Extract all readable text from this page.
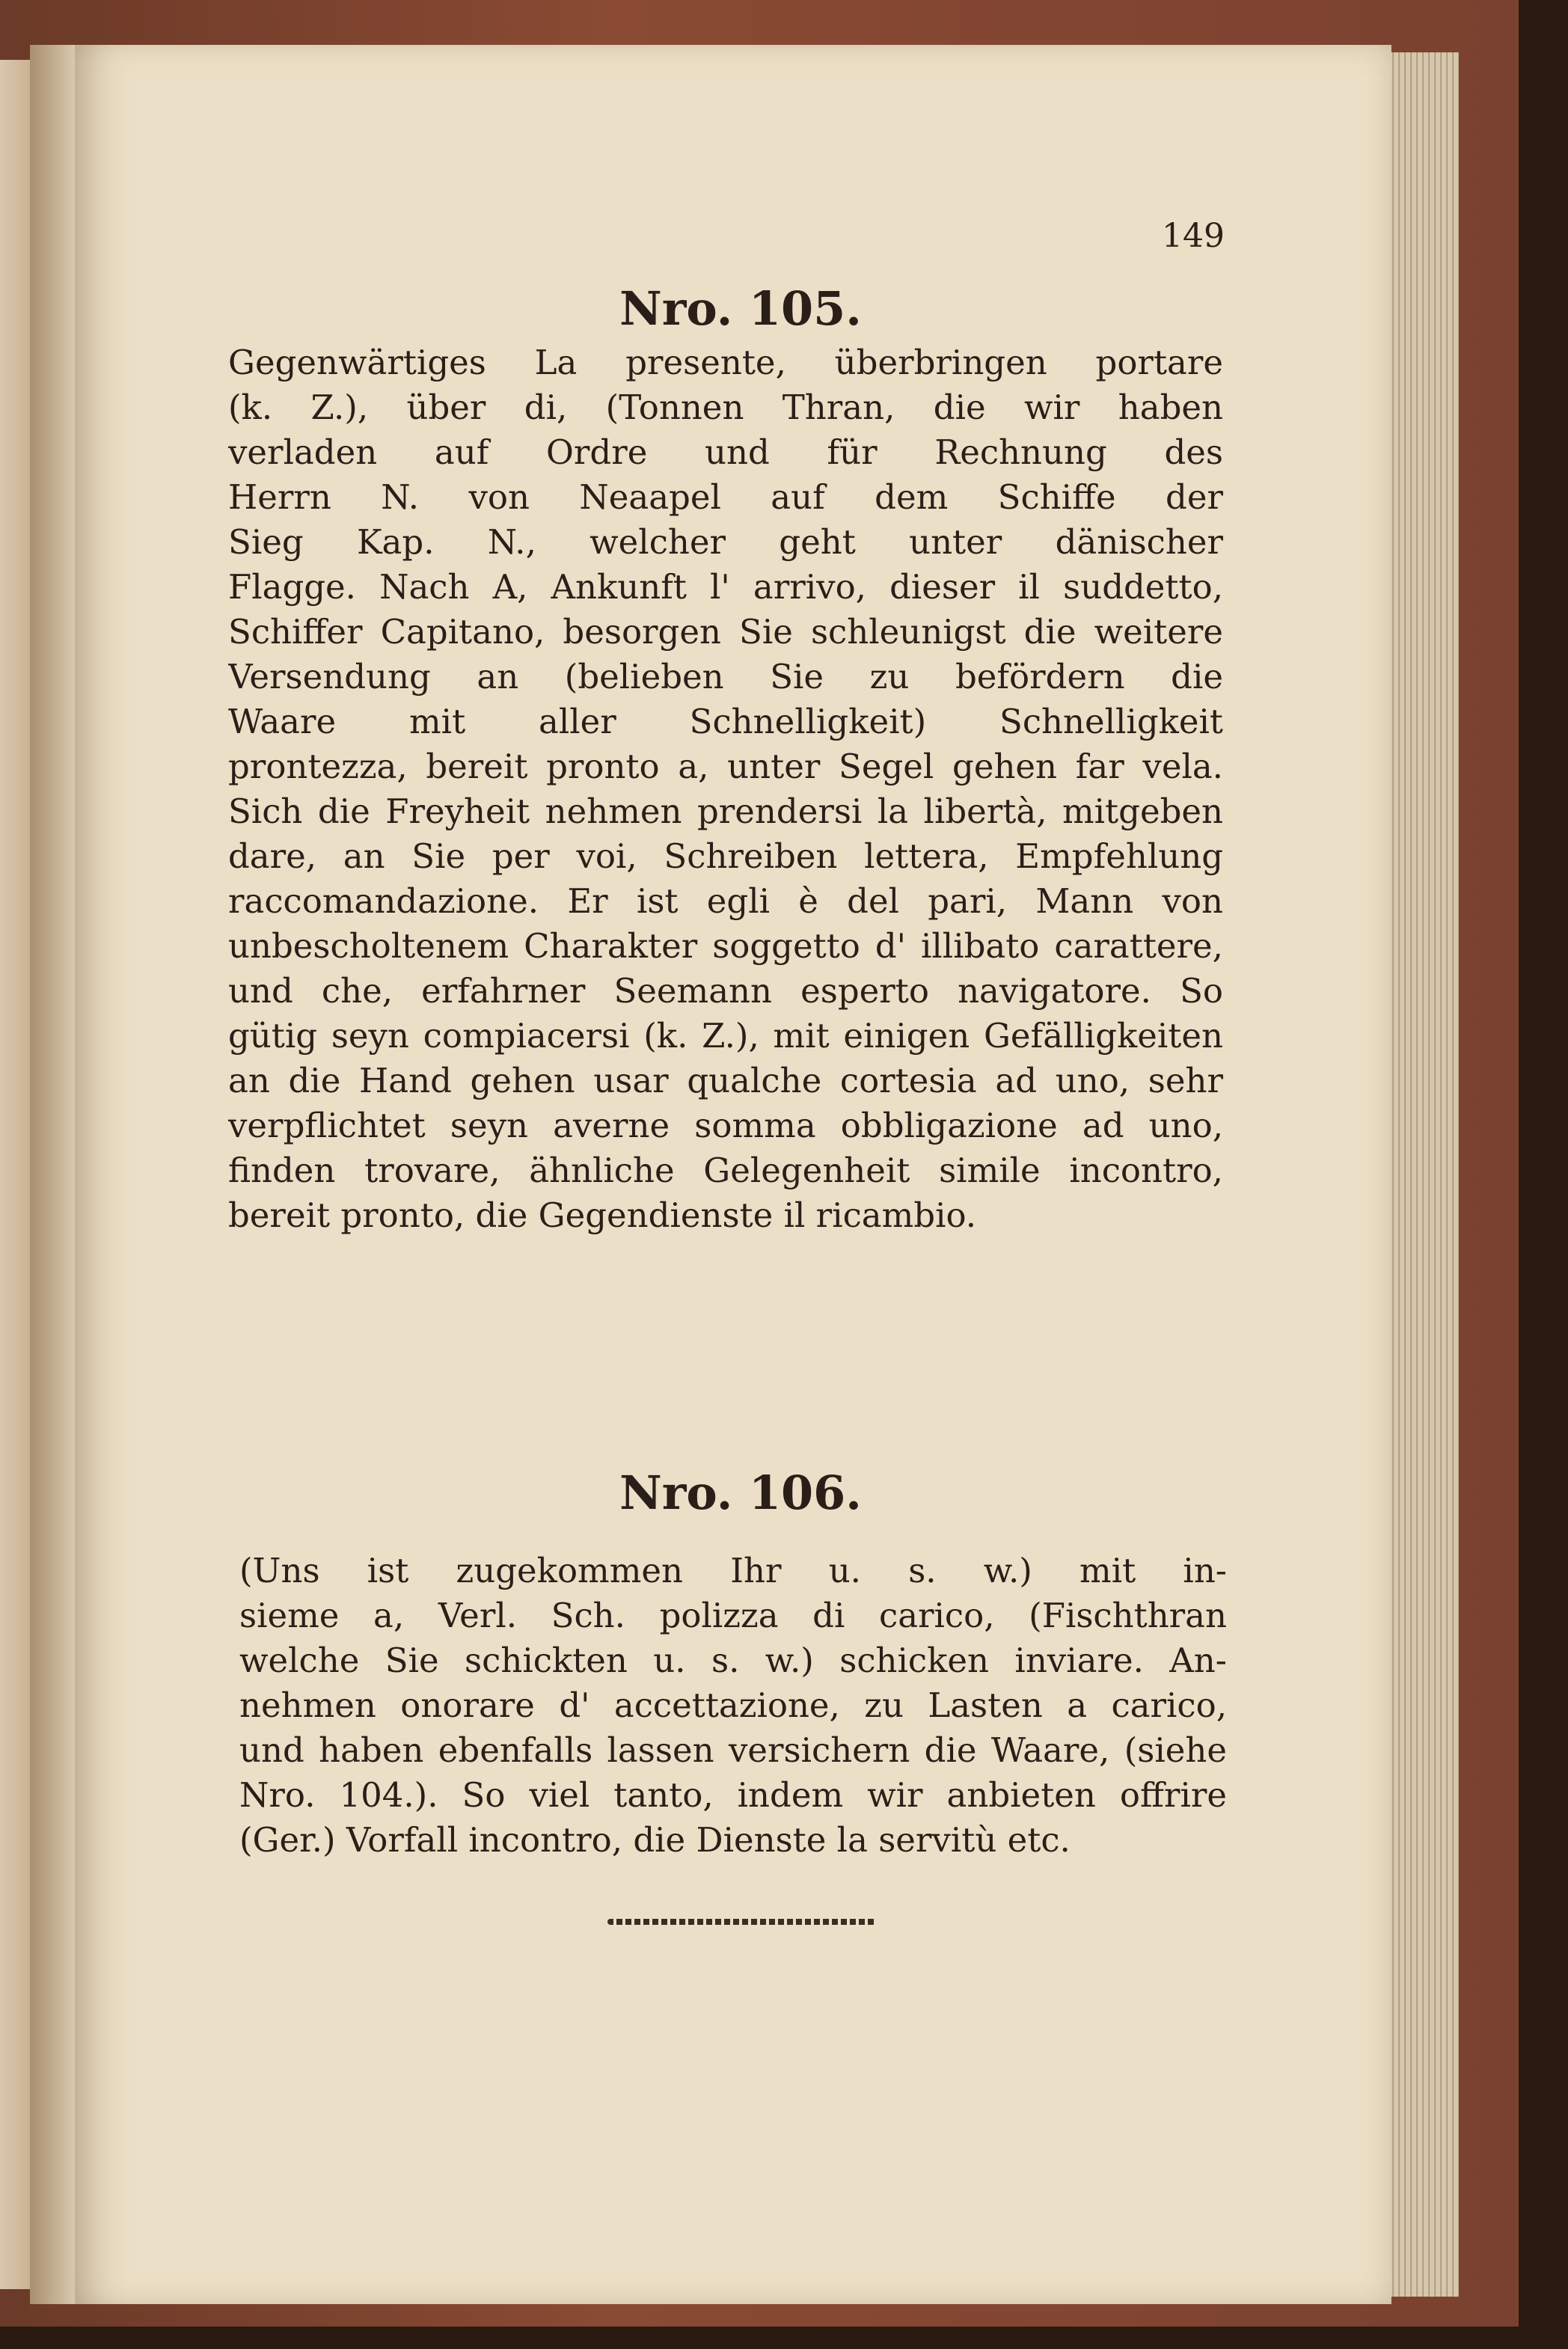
149
Nro. 105.
Gegenwärtiges La presente, überbringen portare
(k. Z.), über di, (Tonnen Thran, die wir haben
verladen auf Ordre und für Rechnung des
Herrn N. von Neaapel auf dem Schiffe der
Sieg Kap. N., welcher geht unter dänischer
Flagge. Nach A, Ankunft l' arrivo, dieser il suddetto,
Schiffer Capitano, besorgen Sie schleunigst die weitere
Versendung an (belieben Sie zu befördern die
Waare mit aller Schnelligkeit) Schnelligkeit
prontezza, bereit pronto a, unter Segel gehen far vela.
Sich die Freyheit nehmen prendersi la libertà, mitgeben
dare, an Sie per voi, Schreiben lettera, Empfehlung
raccomandazione. Er ist egli è del pari, Mann von
unbescholtenem Charakter soggetto d' illibato carattere,
und che, erfahrner Seemann esperto navigatore. So
gütig seyn compiacersi (k. Z.), mit einigen Gefälligkeiten
an die Hand gehen usar qualche cortesia ad uno, sehr
verpflichtet seyn averne somma obbligazione ad uno,
finden trovare, ähnliche Gelegenheit simile incontro,
bereit pronto, die Gegendienste il ricambio.
Nro. 106.
(Uns ist zugekommen Ihr u. s. w.) mit in-
sieme a, Verl. Sch. polizza di carico, (Fischthran
welche Sie schickten u. s. w.) schicken inviare. An-
nehmen onorare d' accettazione, zu Lasten a carico,
und haben ebenfalls lassen versichern die Waare, (siehe
Nro. 104.). So viel tanto, indem wir anbieten offrire
(Ger.) Vorfall incontro, die Dienste la servitù etc.
